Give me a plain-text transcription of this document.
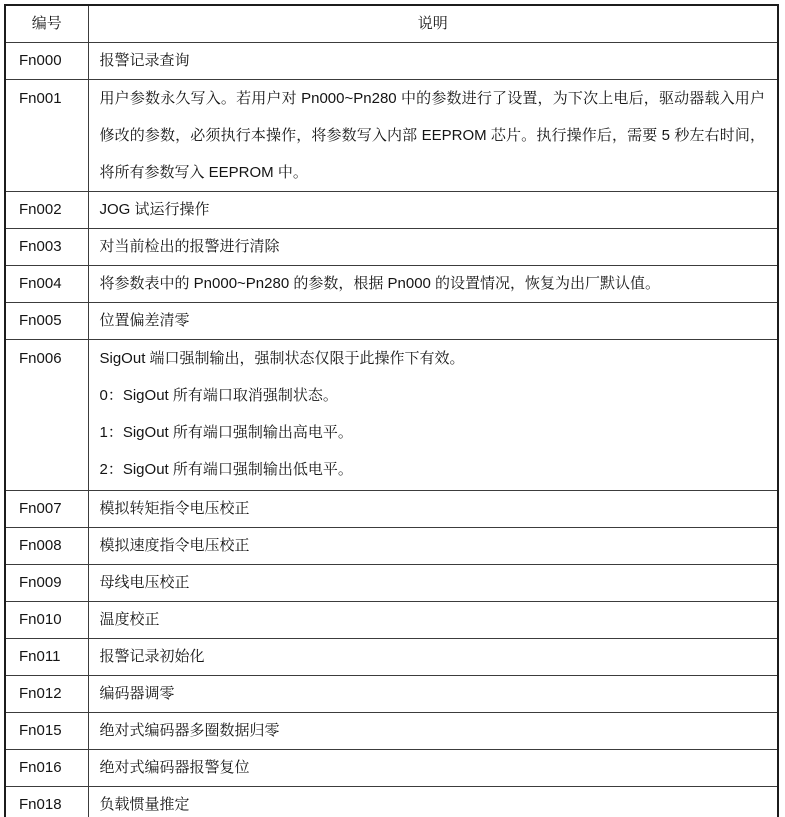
编号	说明
Fn000	报警记录查询
Fn001	用户参数永久写入。若用户对 Pn000~Pn280 中的参数进行了设置，为下次上电后，驱动器载入用户修改的参数，必须执行本操作，将参数写入内部 EEPROM 芯片。执行操作后，需要 5 秒左右时间，将所有参数写入 EEPROM 中。

Fn002	JOG 试运行操作
Fn003	对当前检出的报警进行清除
Fn004	将参数表中的 Pn000~Pn280 的参数，根据 Pn000 的设置情况，恢复为出厂默认值。
Fn005	位置偏差清零
Fn006	SigOut 端口强制输出，强制状态仅限于此操作下有效。
0：SigOut 所有端口取消强制状态。
1：SigOut 所有端口强制输出高电平。
2：SigOut 所有端口强制输出低电平。

Fn007	模拟转矩指令电压校正
Fn008	模拟速度指令电压校正
Fn009	母线电压校正
Fn010	温度校正
Fn011	报警记录初始化
Fn012	编码器调零
Fn015	绝对式编码器多圈数据归零
Fn016	绝对式编码器报警复位
Fn018	负载惯量推定
